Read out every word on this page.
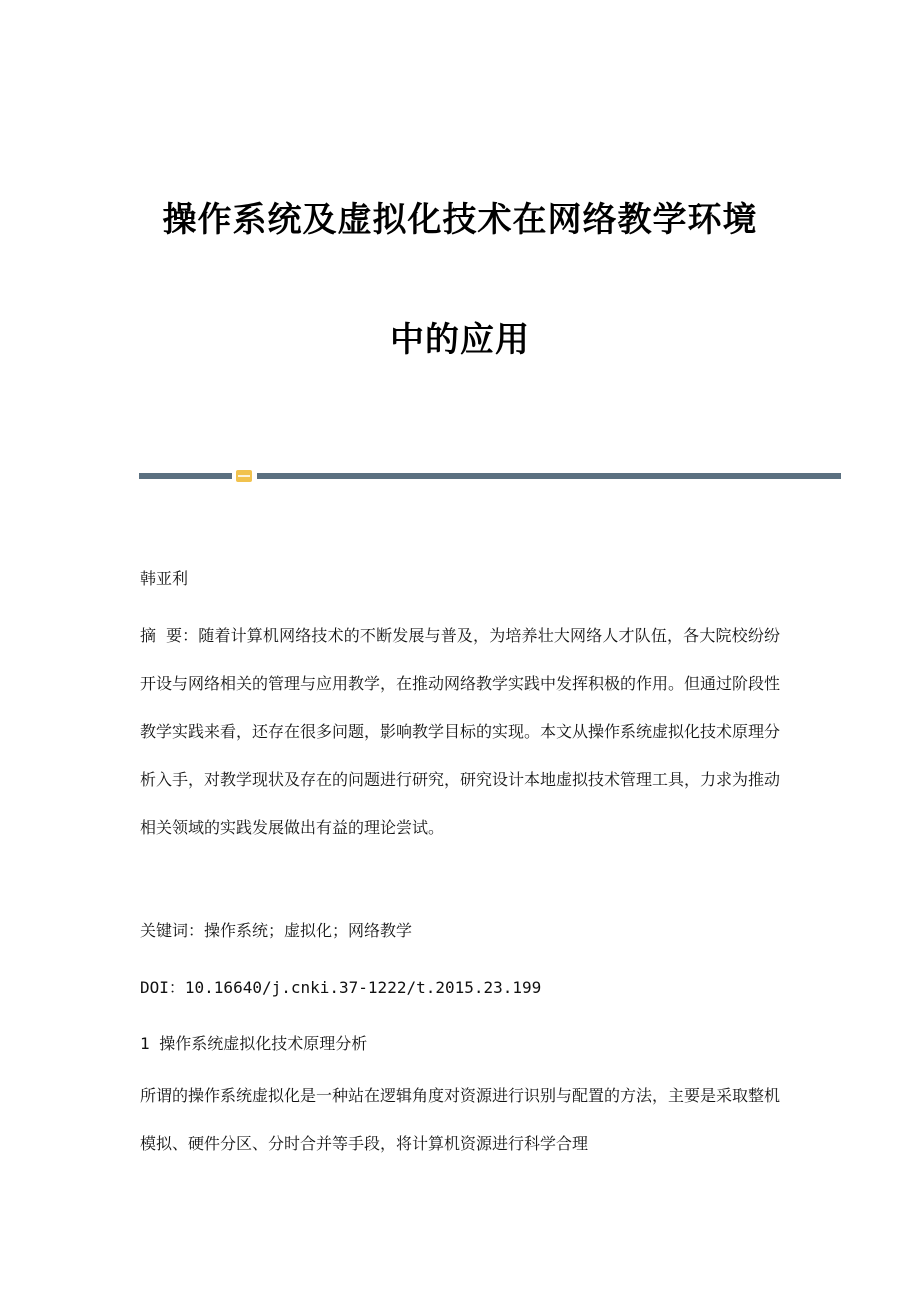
操作系统及虚拟化技术在网络教学环境
中的应用
韩亚利
摘 要：随着计算机网络技术的不断发展与普及，为培养壮大网络人才队伍，各大院校纷纷开设与网络相关的管理与应用教学，在推动网络教学实践中发挥积极的作用。但通过阶段性教学实践来看，还存在很多问题，影响教学目标的实现。本文从操作系统虚拟化技术原理分析入手，对教学现状及存在的问题进行研究，研究设计本地虚拟技术管理工具，力求为推动相关领域的实践发展做出有益的理论尝试。
关键词：操作系统；虚拟化；网络教学
DOI：10.16640/j.cnki.37-1222/t.2015.23.199
1 操作系统虚拟化技术原理分析
所谓的操作系统虚拟化是一种站在逻辑角度对资源进行识别与配置的方法，主要是采取整机模拟、硬件分区、分时合并等手段，将计算机资源进行科学合理
